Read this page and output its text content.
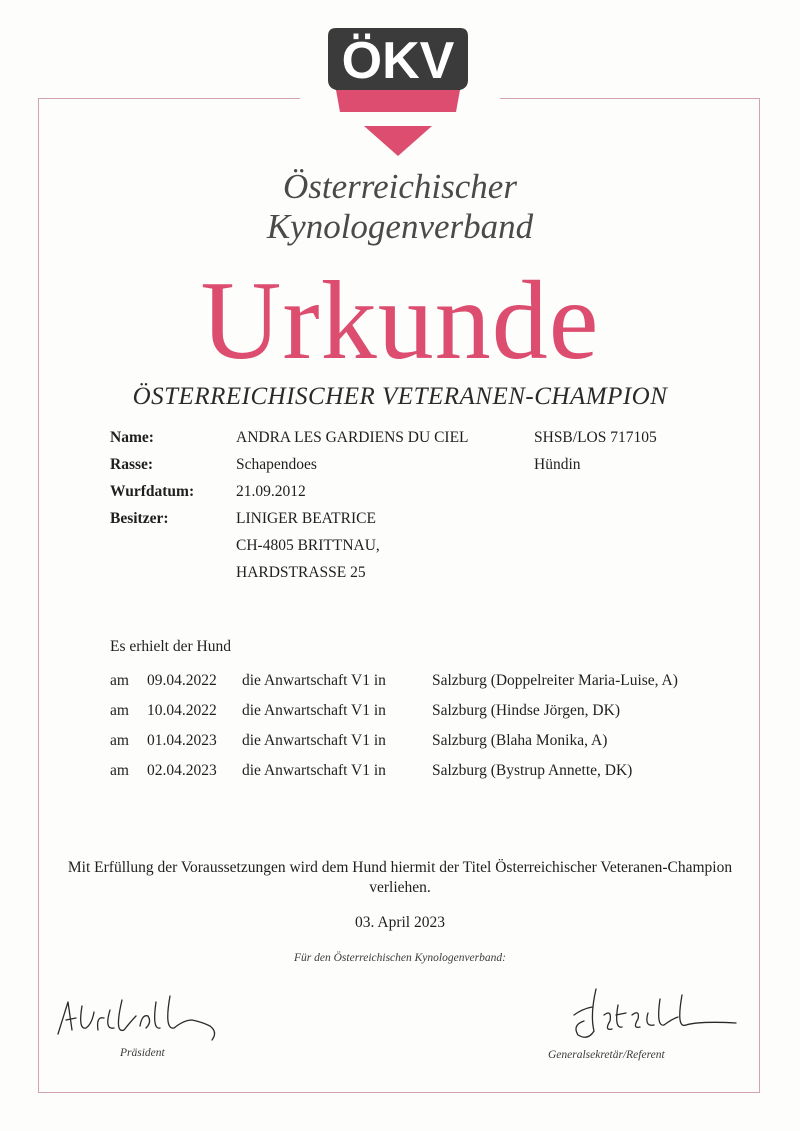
ÖKV
Österreichischer
Kynologenverband
Urkunde
ÖSTERREICHISCHER VETERANEN-CHAMPION
Name:	ANDRA LES GARDIENS DU CIEL	SHSB/LOS 717105
Rasse:	Schapendoes	Hündin
Wurfdatum:	21.09.2012
Besitzer:	LINIGER BEATRICE
CH-4805 BRITTNAU,
HARDSTRASSE 25
Es erhielt der Hund
am 09.04.2022 die Anwartschaft V1 in	Salzburg (Doppelreiter Maria-Luise, A)
am 10.04.2022 die Anwartschaft V1 in	Salzburg (Hindse Jörgen, DK)
am 01.04.2023 die Anwartschaft V1 in	Salzburg (Blaha Monika, A)
am 02.04.2023 die Anwartschaft V1 in	Salzburg (Bystrup Annette, DK)
Mit Erfüllung der Voraussetzungen wird dem Hund hiermit der Titel Österreichischer Veteranen-Champion
verliehen.
03. April 2023
Für den Österreichischen Kynologenverband:
Präsident	Generalsekretär/Referent
